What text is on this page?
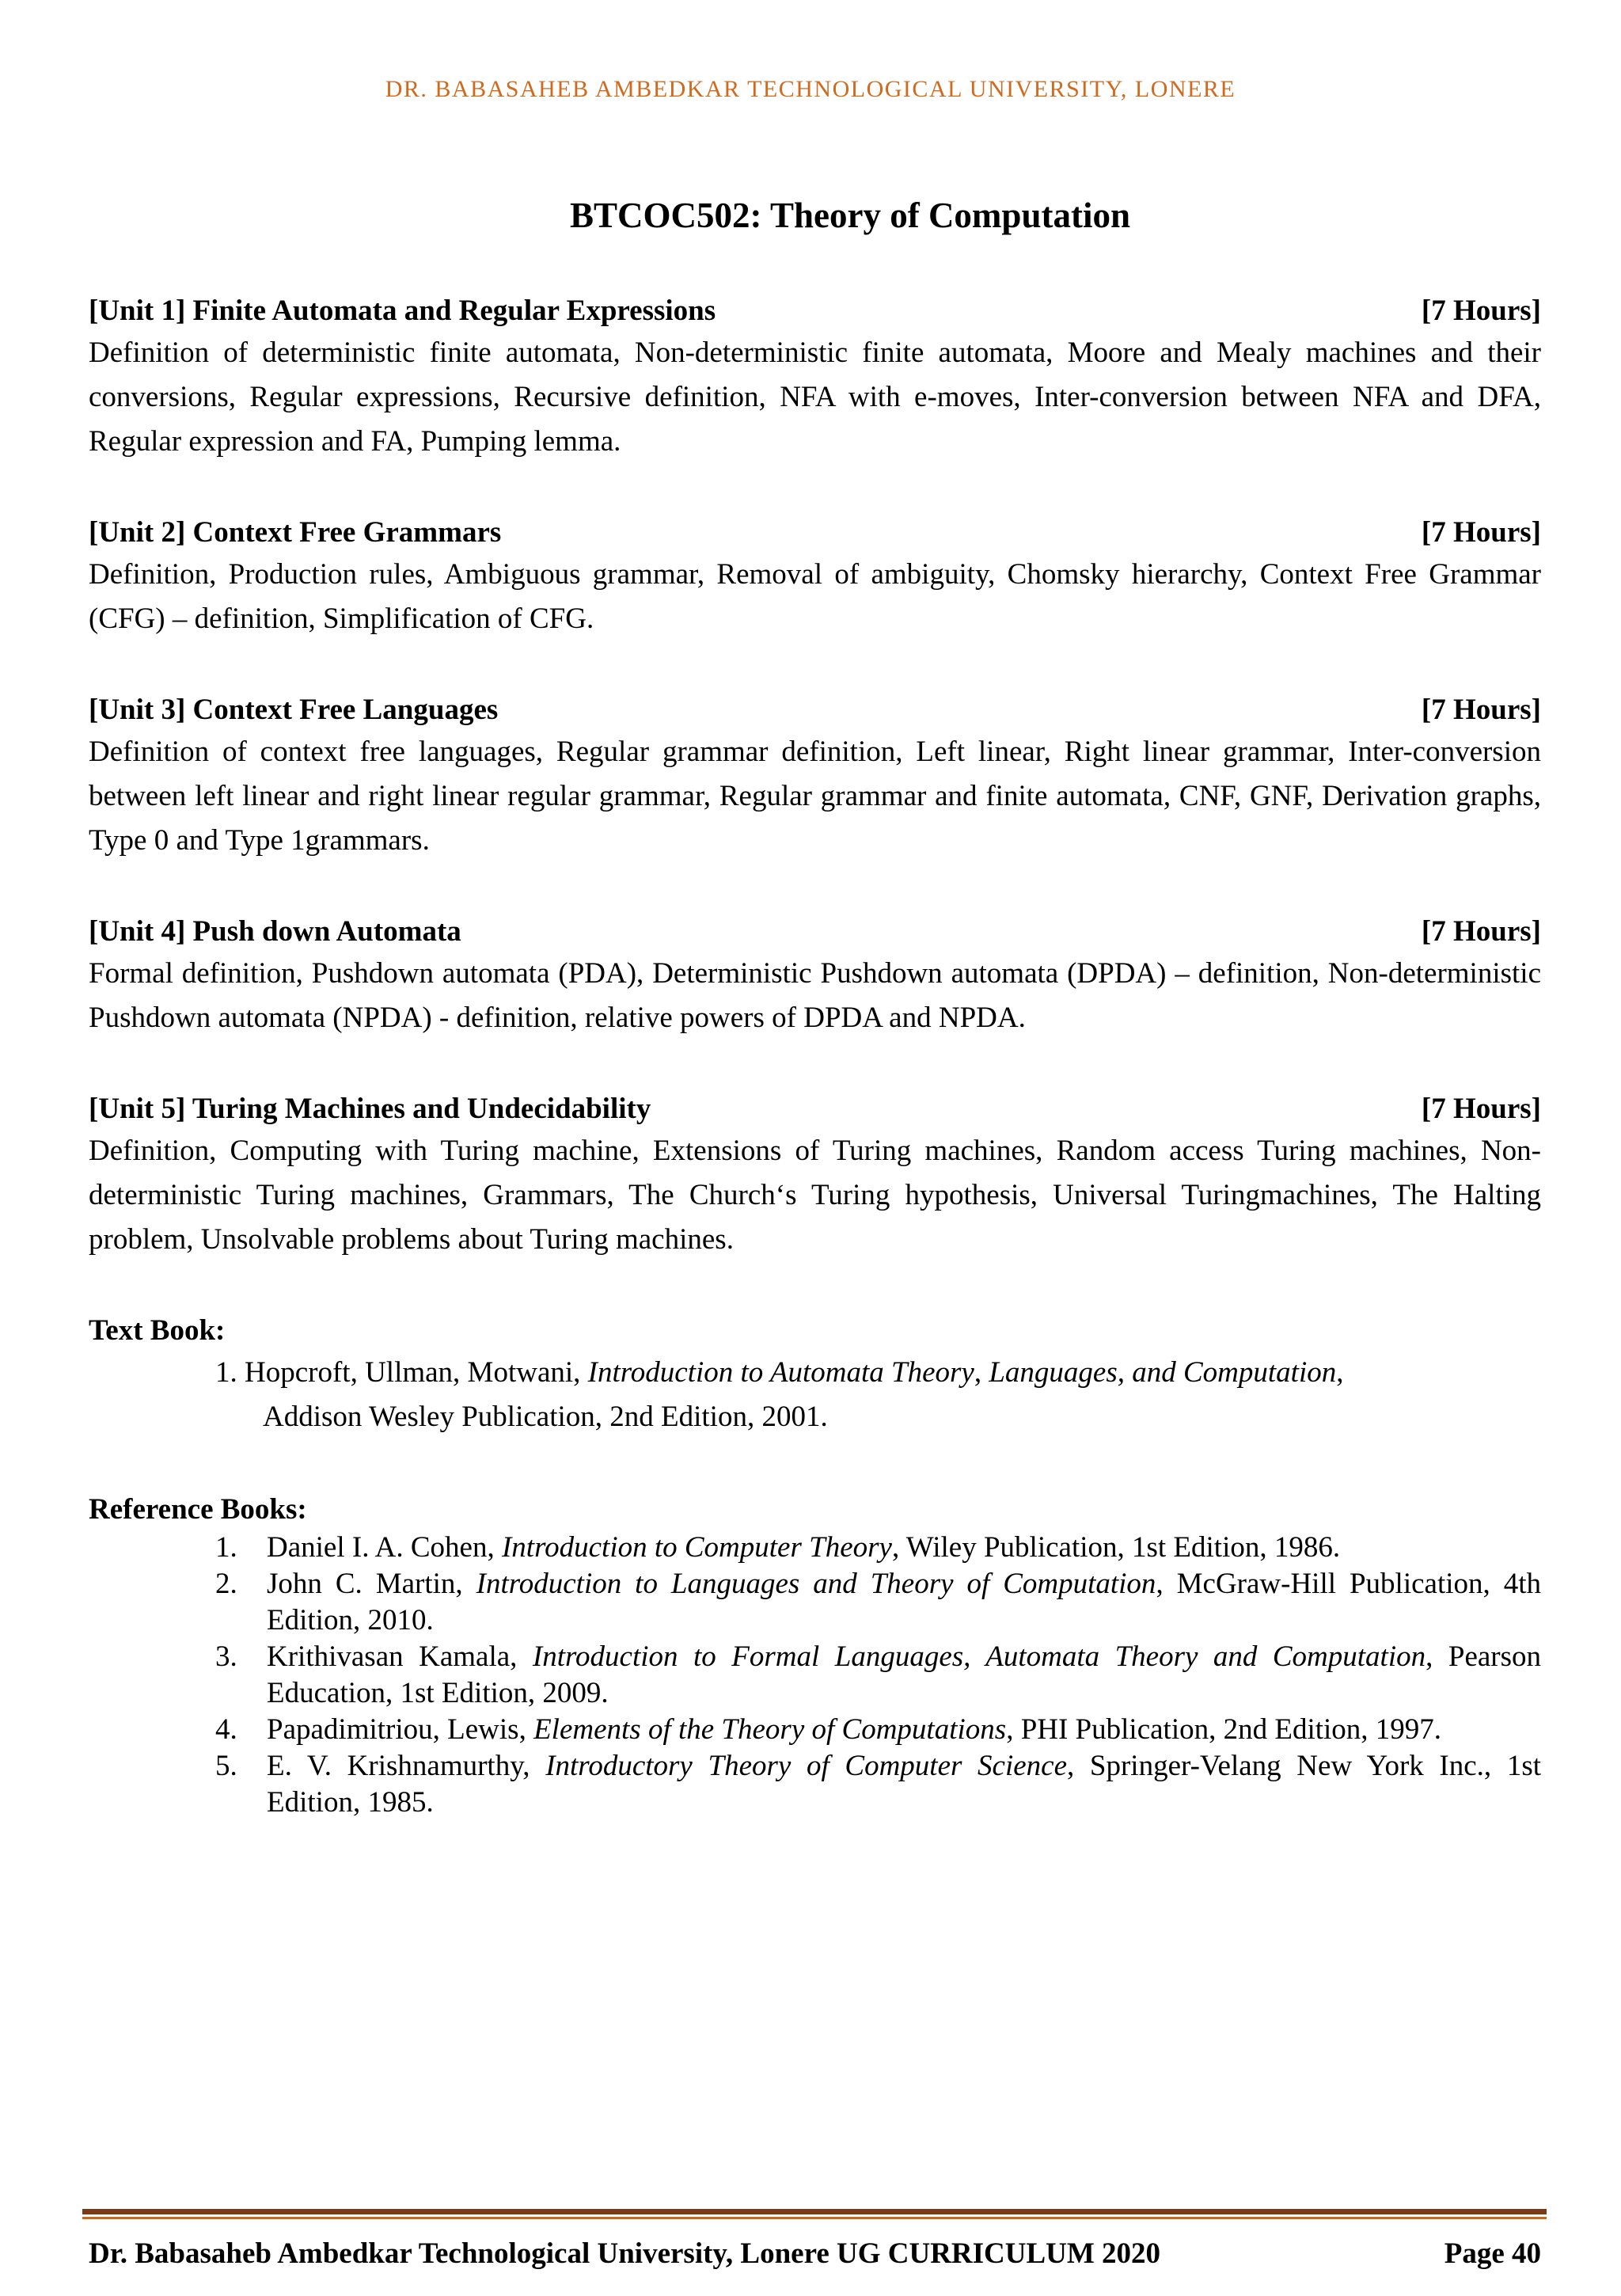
DR. BABASAHEB AMBEDKAR TECHNOLOGICAL UNIVERSITY, LONERE
BTCOC502: Theory of Computation
[Unit 1] Finite Automata and Regular Expressions	[7 Hours]
Definition of deterministic finite automata, Non-deterministic finite automata, Moore and Mealy machines and their conversions, Regular expressions, Recursive definition, NFA with e-moves, Inter-conversion between NFA and DFA, Regular expression and FA, Pumping lemma.
[Unit 2] Context Free Grammars	[7 Hours]
Definition, Production rules, Ambiguous grammar, Removal of ambiguity, Chomsky hierarchy, Context Free Grammar (CFG) – definition, Simplification of CFG.
[Unit 3] Context Free Languages	[7 Hours]
Definition of context free languages, Regular grammar definition, Left linear, Right linear grammar, Inter-conversion between left linear and right linear regular grammar, Regular grammar and finite automata, CNF, GNF, Derivation graphs, Type 0 and Type 1grammars.
[Unit 4] Push down Automata	[7 Hours]
Formal definition, Pushdown automata (PDA), Deterministic Pushdown automata (DPDA) – definition, Non-deterministic Pushdown automata (NPDA) - definition, relative powers of DPDA and NPDA.
[Unit 5] Turing Machines and Undecidability	[7 Hours]
Definition, Computing with Turing machine, Extensions of Turing machines, Random access Turing machines, Non-deterministic Turing machines, Grammars, The Church‘s Turing hypothesis, Universal Turingmachines, The Halting problem, Unsolvable problems about Turing machines.
Text Book:
1. Hopcroft, Ullman, Motwani, Introduction to Automata Theory, Languages, and Computation,
Addison Wesley Publication, 2nd Edition, 2001.
Reference Books:
1. Daniel I. A. Cohen, Introduction to Computer Theory, Wiley Publication, 1st Edition, 1986.
2. John C. Martin, Introduction to Languages and Theory of Computation, McGraw-Hill Publication, 4th Edition, 2010.
3. Krithivasan Kamala, Introduction to Formal Languages, Automata Theory and Computation, Pearson Education, 1st Edition, 2009.
4. Papadimitriou, Lewis, Elements of the Theory of Computations, PHI Publication, 2nd Edition, 1997.
5. E. V. Krishnamurthy, Introductory Theory of Computer Science, Springer-Velang New York Inc., 1st Edition, 1985.
Dr. Babasaheb Ambedkar Technological University, Lonere UG CURRICULUM 2020	Page 40
